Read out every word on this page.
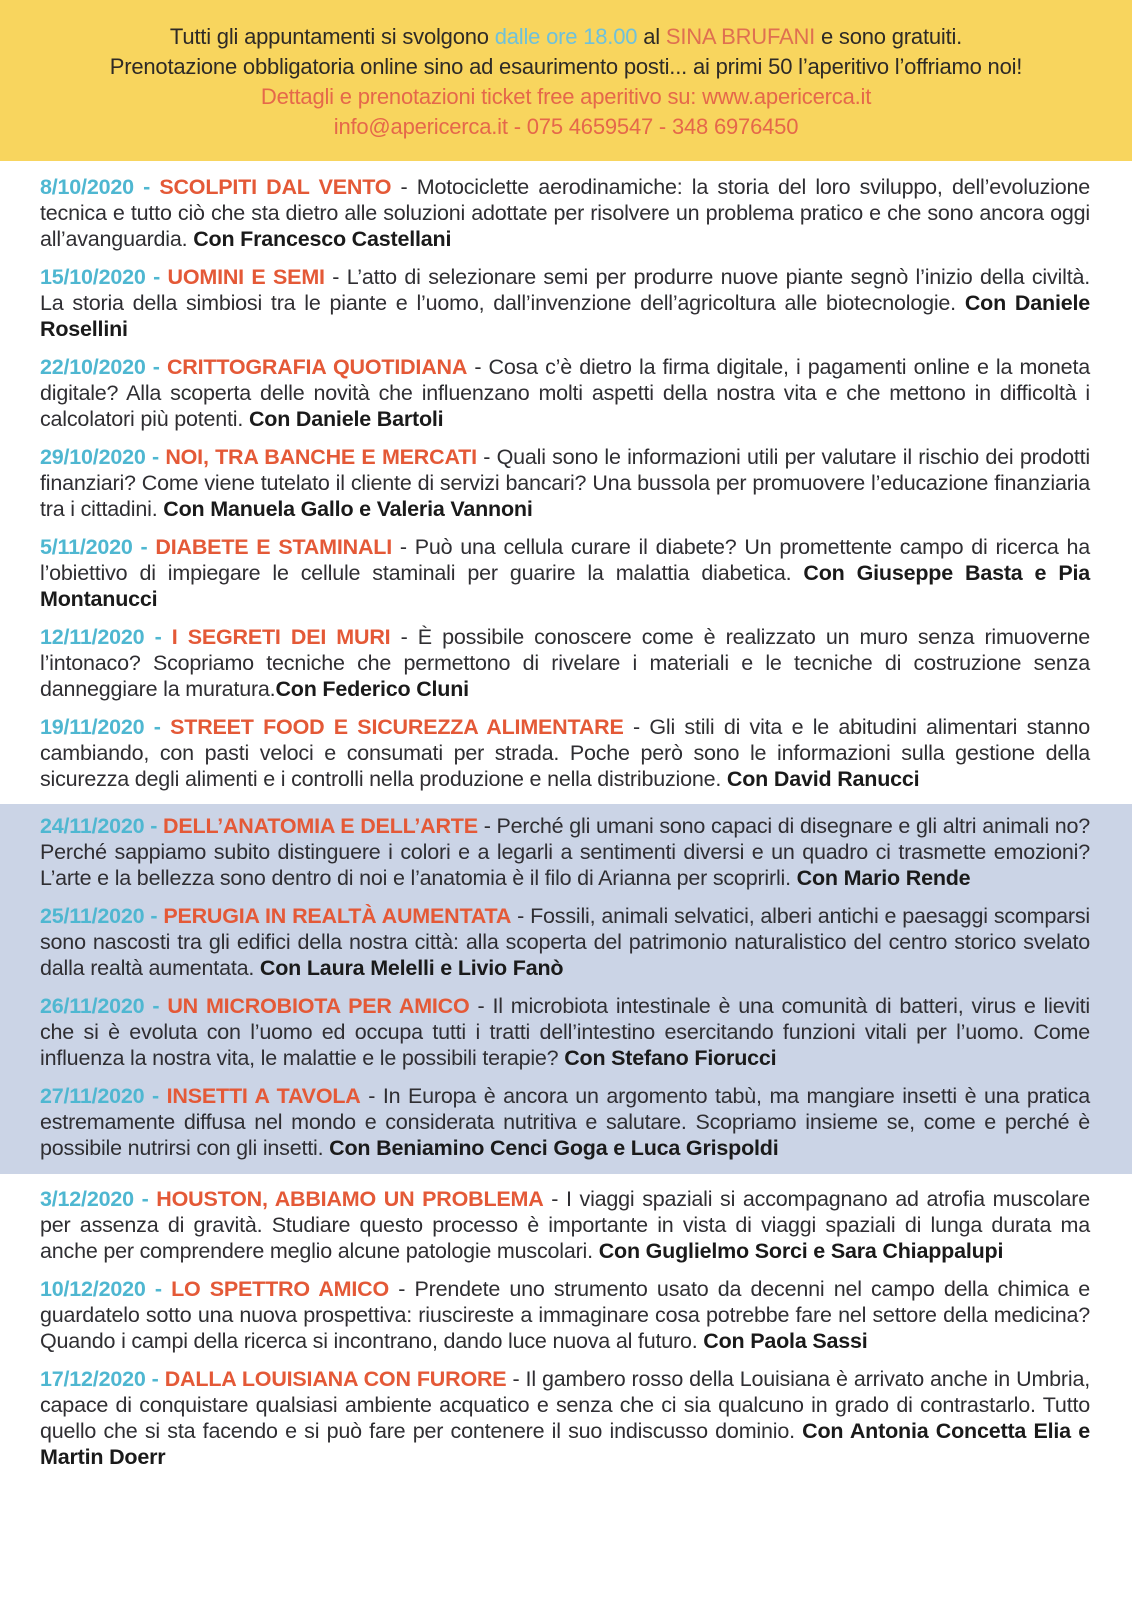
Tutti gli appuntamenti si svolgono dalle ore 18.00 al SINA BRUFANI e sono gratuiti.

Prenotazione obbligatoria online sino ad esaurimento posti... ai primi 50 l’aperitivo l’offriamo noi!

Dettagli e prenotazioni ticket free aperitivo su: www.apericerca.it

info@apericerca.it - 075 4659547 - 348 6976450

8/10/2020 - SCOLPITI DAL VENTO - Motociclette aerodinamiche: la storia del loro sviluppo, dell’evoluzione tecnica e tutto ciò che sta dietro alle soluzioni adottate per risolvere un problema pratico e che sono ancora oggi all’avanguardia. Con Francesco Castellani

15/10/2020 - UOMINI E SEMI - L’atto di selezionare semi per produrre nuove piante segnò l’inizio della civiltà. La storia della simbiosi tra le piante e l’uomo, dall’invenzione dell’agricoltura alle biotecnologie. Con Daniele Rosellini

22/10/2020 - CRITTOGRAFIA QUOTIDIANA - Cosa c’è dietro la firma digitale, i pagamenti online e la moneta digitale? Alla scoperta delle novità che influenzano molti aspetti della nostra vita e che mettono in difficoltà i calcolatori più potenti. Con Daniele Bartoli

29/10/2020 - NOI, TRA BANCHE E MERCATI - Quali sono le informazioni utili per valutare il rischio dei prodotti finanziari? Come viene tutelato il cliente di servizi bancari? Una bussola per promuovere l’educazione finanziaria tra i cittadini. Con Manuela Gallo e Valeria Vannoni

5/11/2020 - DIABETE E STAMINALI - Può una cellula curare il diabete? Un promettente campo di ricerca ha l’obiettivo di impiegare le cellule staminali per guarire la malattia diabetica. Con Giuseppe Basta e Pia Montanucci

12/11/2020 - I SEGRETI DEI MURI - È possibile conoscere come è realizzato un muro senza rimuoverne l’intonaco? Scopriamo tecniche che permettono di rivelare i materiali e le tecniche di costruzione senza danneggiare la muratura.Con Federico Cluni

19/11/2020 - STREET FOOD E SICUREZZA ALIMENTARE - Gli stili di vita e le abitudini alimentari stanno cambiando, con pasti veloci e consumati per strada. Poche però sono le informazioni sulla gestione della sicurezza degli alimenti e i controlli nella produzione e nella distribuzione. Con David Ranucci

24/11/2020 - DELL’ANATOMIA E DELL’ARTE - Perché gli umani sono capaci di disegnare e gli altri animali no? Perché sappiamo subito distinguere i colori e a legarli a sentimenti diversi e un quadro ci trasmette emozioni? L’arte e la bellezza sono dentro di noi e l’anatomia è il filo di Arianna per scoprirli. Con Mario Rende

25/11/2020 - PERUGIA IN REALTÀ AUMENTATA - Fossili, animali selvatici, alberi antichi e paesaggi scomparsi sono nascosti tra gli edifici della nostra città: alla scoperta del patrimonio naturalistico del centro storico svelato dalla realtà aumentata. Con Laura Melelli e Livio Fanò

26/11/2020 - UN MICROBIOTA PER AMICO - Il microbiota intestinale è una comunità di batteri, virus e lieviti che si è evoluta con l’uomo ed occupa tutti i tratti dell’intestino esercitando funzioni vitali per l’uomo. Come influenza la nostra vita, le malattie e le possibili terapie? Con Stefano Fiorucci

27/11/2020 - INSETTI A TAVOLA - In Europa è ancora un argomento tabù, ma mangiare insetti è una pratica estremamente diffusa nel mondo e considerata nutritiva e salutare. Scopriamo insieme se, come e perché è possibile nutrirsi con gli insetti. Con Beniamino Cenci Goga e Luca Grispoldi

3/12/2020 - HOUSTON, ABBIAMO UN PROBLEMA - I viaggi spaziali si accompagnano ad atrofia muscolare per assenza di gravità. Studiare questo processo è importante in vista di viaggi spaziali di lunga durata ma anche per comprendere meglio alcune patologie muscolari. Con Guglielmo Sorci e Sara Chiappalupi

10/12/2020 - LO SPETTRO AMICO - Prendete uno strumento usato da decenni nel campo della chimica e guardatelo sotto una nuova prospettiva: riuscireste a immaginare cosa potrebbe fare nel settore della medicina? Quando i campi della ricerca si incontrano, dando luce nuova al futuro. Con Paola Sassi

17/12/2020 - DALLA LOUISIANA CON FURORE - Il gambero rosso della Louisiana è arrivato anche in Umbria, capace di conquistare qualsiasi ambiente acquatico e senza che ci sia qualcuno in grado di contrastarlo. Tutto quello che si sta facendo e si può fare per contenere il suo indiscusso dominio. Con Antonia Concetta Elia e Martin Doerr
